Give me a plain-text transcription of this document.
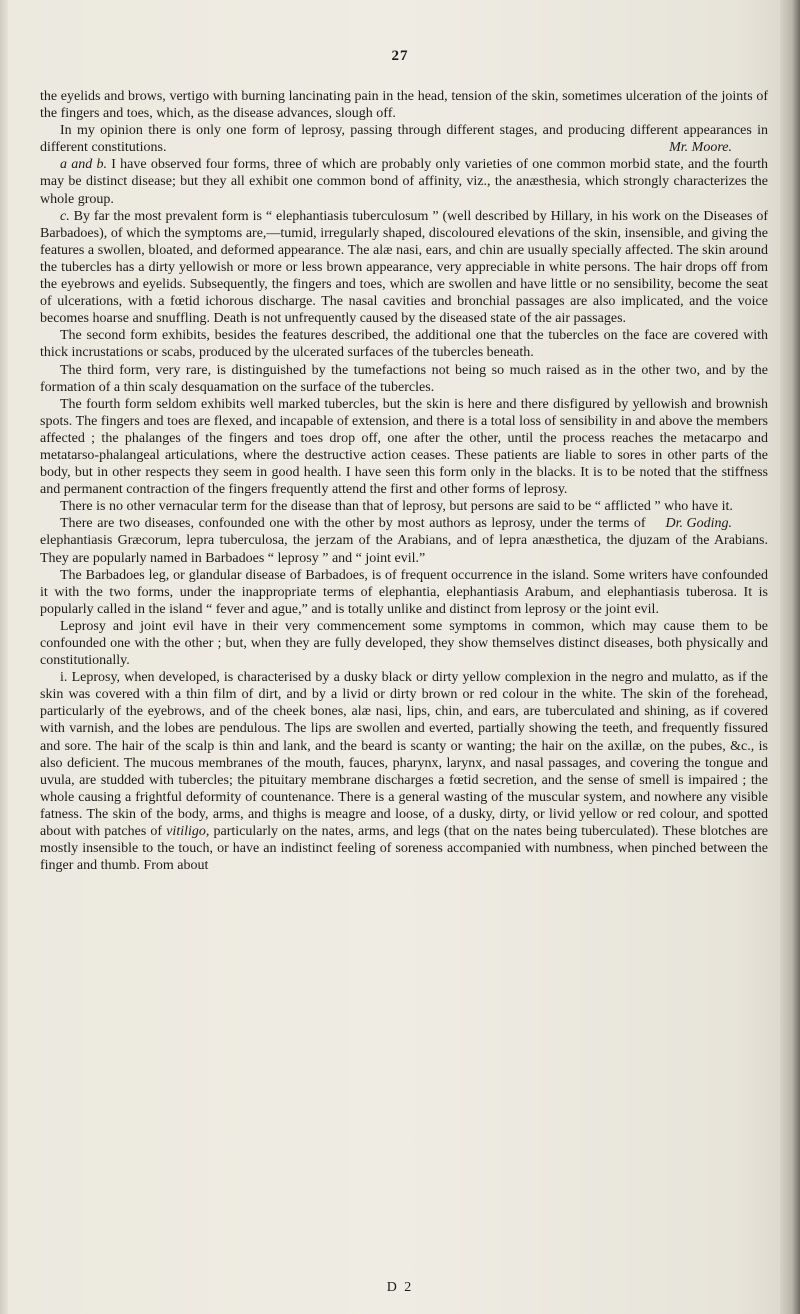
27

the eyelids and brows, vertigo with burning lancinating pain in the head, tension of the skin, sometimes ulceration of the joints of the fingers and toes, which, as the disease advances, slough off.

In my opinion there is only one form of leprosy, passing through different stages, and producing different appearances in different constitutions.	Mr. Moore.

a and b. I have observed four forms, three of which are probably only varieties of one common morbid state, and the fourth may be distinct disease; but they all exhibit one common bond of affinity, viz., the anæsthesia, which strongly characterizes the whole group.

c. By far the most prevalent form is “ elephantiasis tuberculosum ” (well described by Hillary, in his work on the Diseases of Barbadoes), of which the symptoms are,—tumid, irregularly shaped, discoloured elevations of the skin, insensible, and giving the features a swollen, bloated, and deformed appearance. The alæ nasi, ears, and chin are usually specially affected. The skin around the tubercles has a dirty yellowish or more or less brown appearance, very appreciable in white persons. The hair drops off from the eyebrows and eyelids. Subsequently, the fingers and toes, which are swollen and have little or no sensibility, become the seat of ulcerations, with a fœtid ichorous discharge. The nasal cavities and bronchial passages are also implicated, and the voice becomes hoarse and snuffling. Death is not unfrequently caused by the diseased state of the air passages.

The second form exhibits, besides the features described, the additional one that the tubercles on the face are covered with thick incrustations or scabs, produced by the ulcerated surfaces of the tubercles beneath.

The third form, very rare, is distinguished by the tumefactions not being so much raised as in the other two, and by the formation of a thin scaly desquamation on the surface of the tubercles.

The fourth form seldom exhibits well marked tubercles, but the skin is here and there disfigured by yellowish and brownish spots. The fingers and toes are flexed, and incapable of extension, and there is a total loss of sensibility in and above the members affected ; the phalanges of the fingers and toes drop off, one after the other, until the process reaches the metacarpo and metatarso-phalangeal articulations, where the destructive action ceases. These patients are liable to sores in other parts of the body, but in other respects they seem in good health. I have seen this form only in the blacks. It is to be noted that the stiffness and permanent contraction of the fingers frequently attend the first and other forms of leprosy.

There is no other vernacular term for the disease than that of leprosy, but persons are said to be “ afflicted ” who have it.
Dr. Goding.

There are two diseases, confounded one with the other by most authors as leprosy, under the terms of elephantiasis Græcorum, lepra tuberculosa, the jerzam of the Arabians, and of lepra anæsthetica, the djuzam of the Arabians. They are popularly named in Barbadoes “ leprosy ” and “ joint evil.”

The Barbadoes leg, or glandular disease of Barbadoes, is of frequent occurrence in the island. Some writers have confounded it with the two forms, under the inappropriate terms of elephantia, elephantiasis Arabum, and elephantiasis tuberosa. It is popularly called in the island “ fever and ague,” and is totally unlike and distinct from leprosy or the joint evil.

Leprosy and joint evil have in their very commencement some symptoms in common, which may cause them to be confounded one with the other ; but, when they are fully developed, they show themselves distinct diseases, both physically and constitutionally.

i. Leprosy, when developed, is characterised by a dusky black or dirty yellow complexion in the negro and mulatto, as if the skin was covered with a thin film of dirt, and by a livid or dirty brown or red colour in the white. The skin of the forehead, particularly of the eyebrows, and of the cheek bones, alæ nasi, lips, chin, and ears, are tuberculated and shining, as if covered with varnish, and the lobes are pendulous. The lips are swollen and everted, partially showing the teeth, and frequently fissured and sore. The hair of the scalp is thin and lank, and the beard is scanty or wanting; the hair on the axillæ, on the pubes, &c., is also deficient. The mucous membranes of the mouth, fauces, pharynx, larynx, and nasal passages, and covering the tongue and uvula, are studded with tubercles; the pituitary membrane discharges a fœtid secretion, and the sense of smell is impaired ; the whole causing a frightful deformity of countenance. There is a general wasting of the muscular system, and nowhere any visible fatness. The skin of the body, arms, and thighs is meagre and loose, of a dusky, dirty, or livid yellow or red colour, and spotted about with patches of vitiligo, particularly on the nates, arms, and legs (that on the nates being tuberculated). These blotches are mostly insensible to the touch, or have an indistinct feeling of soreness accompanied with numbness, when pinched between the finger and thumb. From about

D 2
